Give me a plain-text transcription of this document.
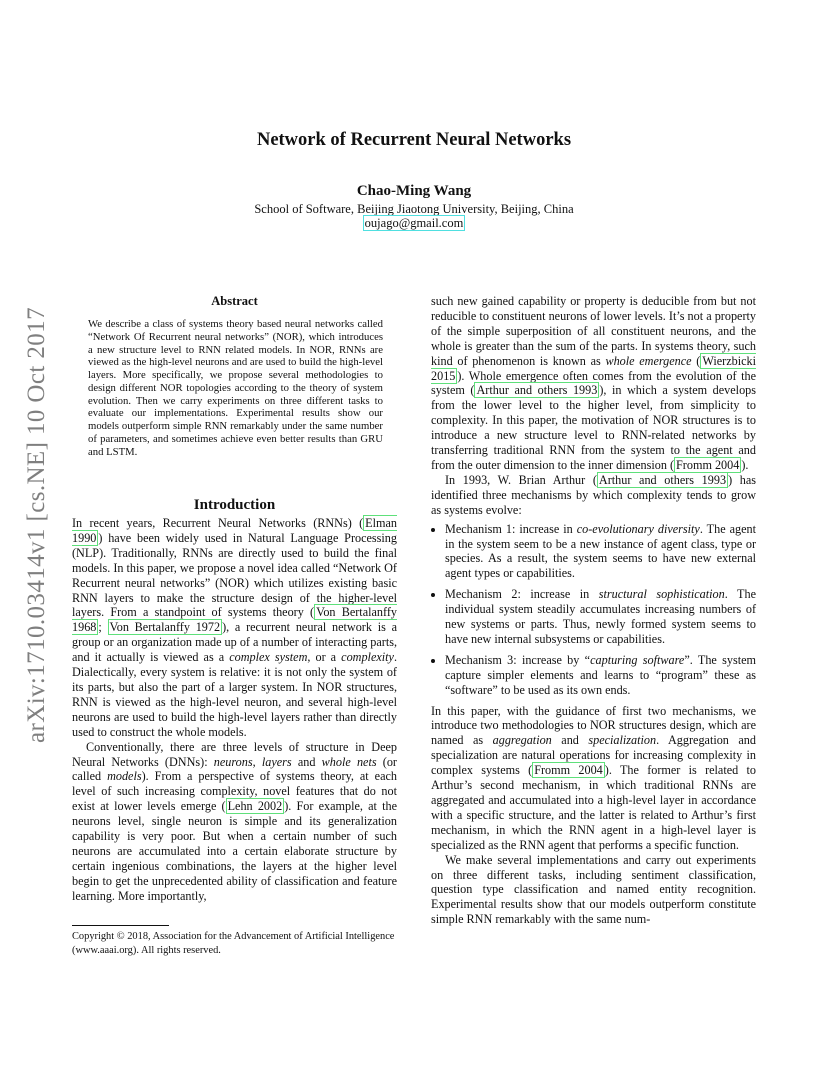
arXiv:1710.03414v1 [cs.NE] 10 Oct 2017
Network of Recurrent Neural Networks
Chao-Ming Wang
School of Software, Beijing Jiaotong University, Beijing, China
oujago@gmail.com
Abstract
We describe a class of systems theory based neural networks called “Network Of Recurrent neural networks” (NOR), which introduces a new structure level to RNN related models. In NOR, RNNs are viewed as the high-level neurons and are used to build the high-level layers. More specifically, we propose several methodologies to design different NOR topologies according to the theory of system evolution. Then we carry experiments on three different tasks to evaluate our implementations. Experimental results show our models outperform simple RNN remarkably under the same number of parameters, and sometimes achieve even better results than GRU and LSTM.
Introduction

In recent years, Recurrent Neural Networks (RNNs) ( Elman 1990 ) have been widely used in Natural Language Processing (NLP). Traditionally, RNNs are directly used to build the final models. In this paper, we propose a novel idea called “Network Of Recurrent neural networks” (NOR) which utilizes existing basic RNN layers to make the structure design of the higher-level layers. From a standpoint of systems theory ( Von Bertalanffy 1968 ; Von Bertalanffy 1972 ), a recurrent neural network is a group or an organization made up of a number of interacting parts, and it actually is viewed as a complex system, or a complexity. Dialectically, every system is relative: it is not only the system of its parts, but also the part of a larger system. In NOR structures, RNN is viewed as the high-level neuron, and several high-level neurons are used to build the high-level layers rather than directly used to construct the whole models.

Conventionally, there are three levels of structure in Deep Neural Networks (DNNs): neurons, layers and whole nets (or called models). From a perspective of systems theory, at each level of such increasing complexity, novel features that do not exist at lower levels emerge ( Lehn 2002 ). For example, at the neurons level, single neuron is simple and its generalization capability is very poor. But when a certain number of such neurons are accumulated into a certain elaborate structure by certain ingenious combinations, the layers at the higher level begin to get the unprecedented ability of classification and feature learning. More importantly,

Copyright © 2018, Association for the Advancement of Artificial Intelligence (www.aaai.org). All rights reserved.

such new gained capability or property is deducible from but not reducible to constituent neurons of lower levels. It’s not a property of the simple superposition of all constituent neurons, and the whole is greater than the sum of the parts. In systems theory, such kind of phenomenon is known as whole emergence ( Wierzbicki 2015 ). Whole emergence often comes from the evolution of the system ( Arthur and others 1993 ), in which a system develops from the lower level to the higher level, from simplicity to complexity. In this paper, the motivation of NOR structures is to introduce a new structure level to RNN-related networks by transferring traditional RNN from the system to the agent and from the outer dimension to the inner dimension ( Fromm 2004 ).

In 1993, W. Brian Arthur ( Arthur and others 1993 ) has identified three mechanisms by which complexity tends to grow as systems evolve:

• Mechanism 1: increase in co-evolutionary diversity. The agent in the system seem to be a new instance of agent class, type or species. As a result, the system seems to have new external agent types or capabilities.
• Mechanism 2: increase in structural sophistication. The individual system steadily accumulates increasing numbers of new systems or parts. Thus, newly formed system seems to have new internal subsystems or capabilities.
• Mechanism 3: increase by “capturing software”. The system capture simpler elements and learns to “program” these as “software” to be used as its own ends.

In this paper, with the guidance of first two mechanisms, we introduce two methodologies to NOR structures design, which are named as aggregation and specialization. Aggregation and specialization are natural operations for increasing complexity in complex systems ( Fromm 2004 ). The former is related to Arthur’s second mechanism, in which traditional RNNs are aggregated and accumulated into a high-level layer in accordance with a specific structure, and the latter is related to Arthur’s first mechanism, in which the RNN agent in a high-level layer is specialized as the RNN agent that performs a specific function.

We make several implementations and carry out experiments on three different tasks, including sentiment classification, question type classification and named entity recognition. Experimental results show that our models outperform constitute simple RNN remarkably with the same num-
